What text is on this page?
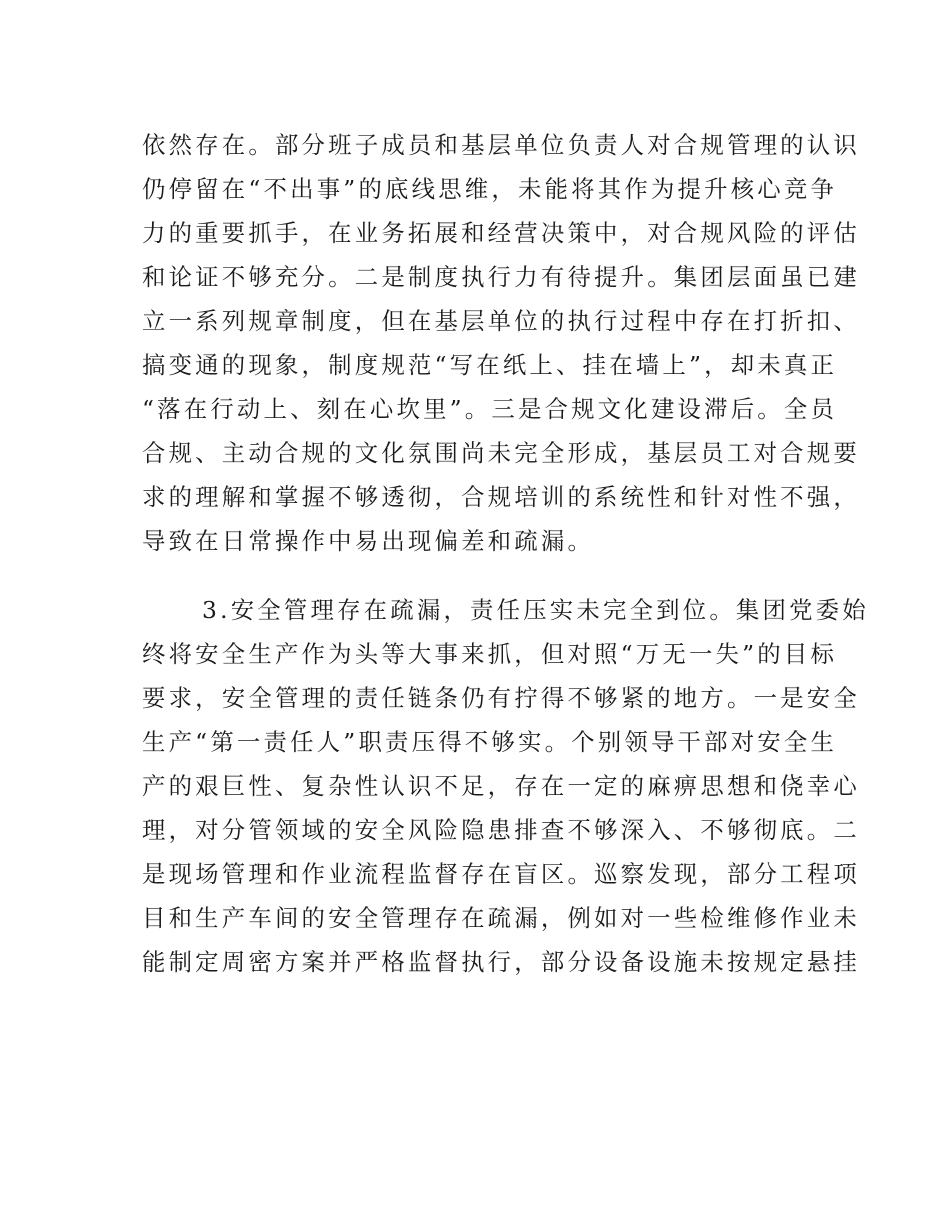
依然存在。部分班子成员和基层单位负责人对合规管理的认识
仍停留在“不出事”的底线思维，未能将其作为提升核心竞争
力的重要抓手，在业务拓展和经营决策中，对合规风险的评估
和论证不够充分。二是制度执行力有待提升。集团层面虽已建
立一系列规章制度，但在基层单位的执行过程中存在打折扣、
搞变通的现象，制度规范“写在纸上、挂在墙上”，却未真正
“落在行动上、刻在心坎里”。三是合规文化建设滞后。全员
合规、主动合规的文化氛围尚未完全形成，基层员工对合规要
求的理解和掌握不够透彻，合规培训的系统性和针对性不强，
导致在日常操作中易出现偏差和疏漏。
3.安全管理存在疏漏，责任压实未完全到位。集团党委始
终将安全生产作为头等大事来抓，但对照“万无一失”的目标
要求，安全管理的责任链条仍有拧得不够紧的地方。一是安全
生产“第一责任人”职责压得不够实。个别领导干部对安全生
产的艰巨性、复杂性认识不足，存在一定的麻痹思想和侥幸心
理，对分管领域的安全风险隐患排查不够深入、不够彻底。二
是现场管理和作业流程监督存在盲区。巡察发现，部分工程项
目和生产车间的安全管理存在疏漏，例如对一些检维修作业未
能制定周密方案并严格监督执行，部分设备设施未按规定悬挂
